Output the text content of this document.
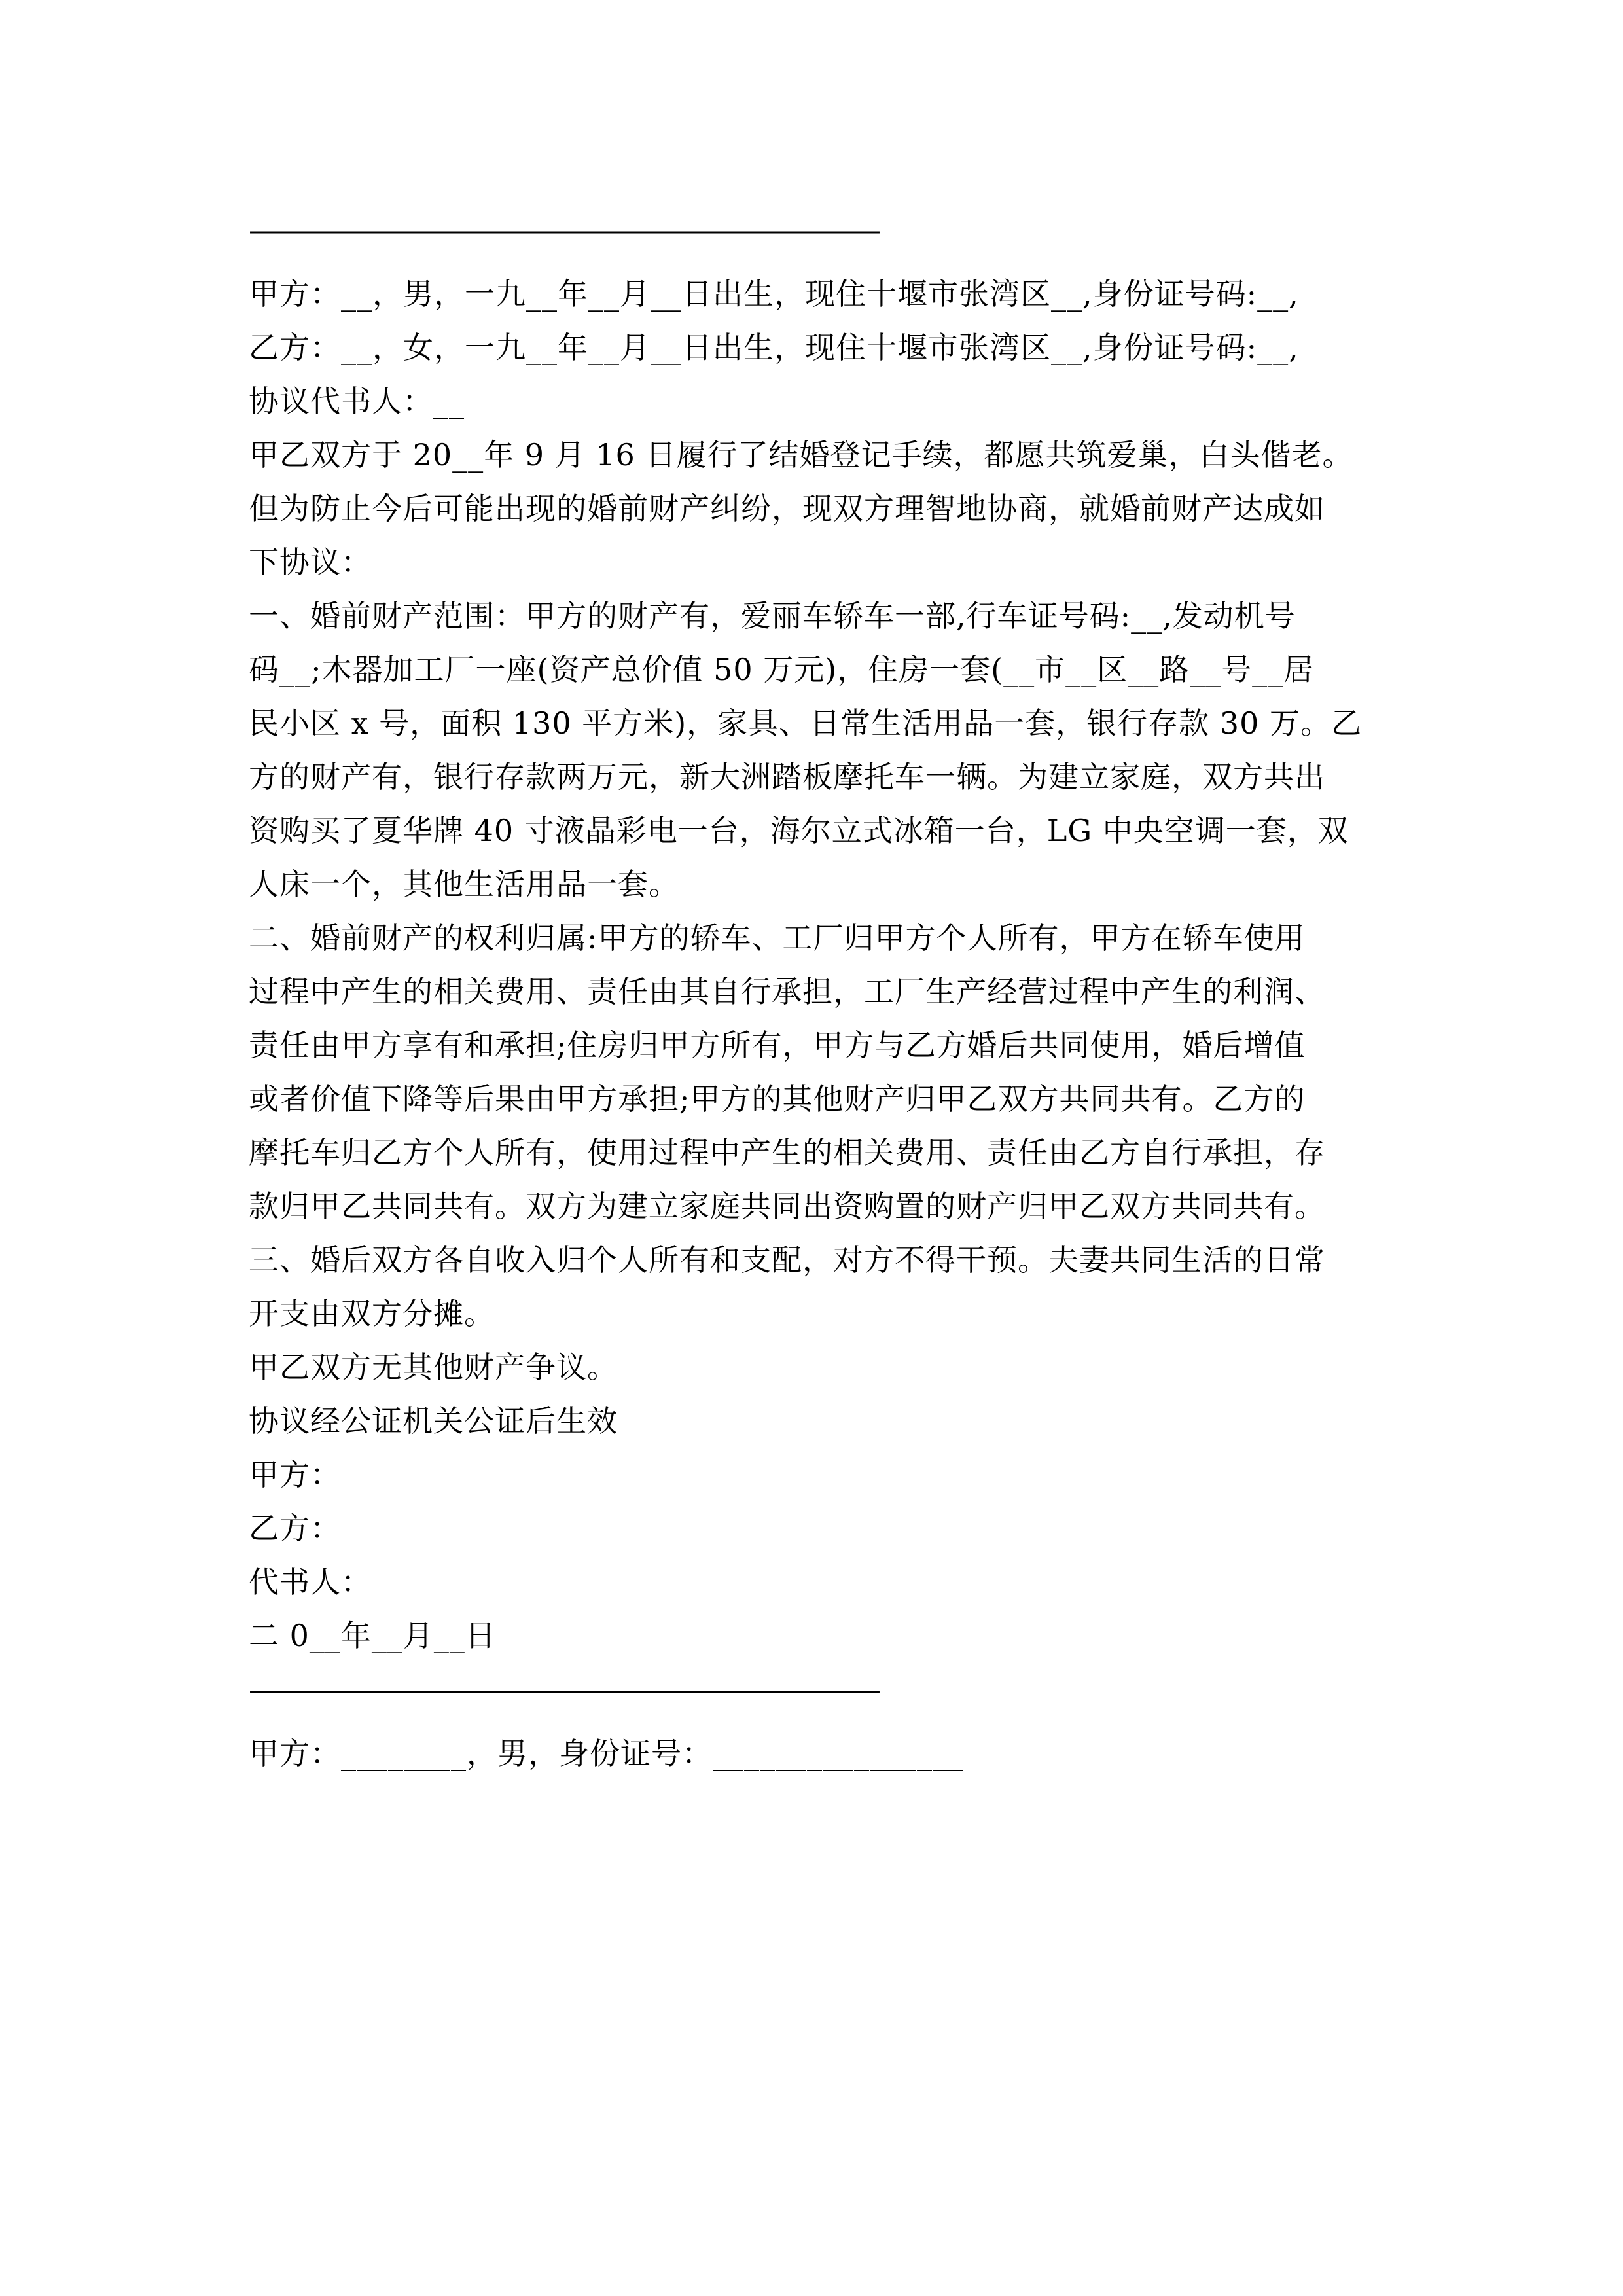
————————————————————————
甲方：__，男，一九__年__月__日出生，现住十堰市张湾区__,身份证号码:__,
乙方：__，女，一九__年__月__日出生，现住十堰市张湾区__,身份证号码:__,
协议代书人：__
甲乙双方于 20__年 9 月 16 日履行了结婚登记手续，都愿共筑爱巢，白头偕老。
但为防止今后可能出现的婚前财产纠纷，现双方理智地协商，就婚前财产达成如
下协议：
一、婚前财产范围：甲方的财产有，爱丽车轿车一部,行车证号码:__,发动机号
码__;木器加工厂一座(资产总价值 50 万元)，住房一套(__市__区__路__号__居
民小区 x 号，面积 130 平方米)，家具、日常生活用品一套，银行存款 30 万。乙
方的财产有，银行存款两万元，新大洲踏板摩托车一辆。为建立家庭，双方共出
资购买了夏华牌 40 寸液晶彩电一台，海尔立式冰箱一台，LG 中央空调一套，双
人床一个，其他生活用品一套。
二、婚前财产的权利归属:甲方的轿车、工厂归甲方个人所有，甲方在轿车使用
过程中产生的相关费用、责任由其自行承担，工厂生产经营过程中产生的利润、
责任由甲方享有和承担;住房归甲方所有，甲方与乙方婚后共同使用，婚后增值
或者价值下降等后果由甲方承担;甲方的其他财产归甲乙双方共同共有。乙方的
摩托车归乙方个人所有，使用过程中产生的相关费用、责任由乙方自行承担，存
款归甲乙共同共有。双方为建立家庭共同出资购置的财产归甲乙双方共同共有。
三、婚后双方各自收入归个人所有和支配，对方不得干预。夫妻共同生活的日常
开支由双方分摊。
甲乙双方无其他财产争议。
协议经公证机关公证后生效
甲方：
乙方：
代书人：
二 0__年__月__日
————————————————————————
甲方：________，男，身份证号：________________
